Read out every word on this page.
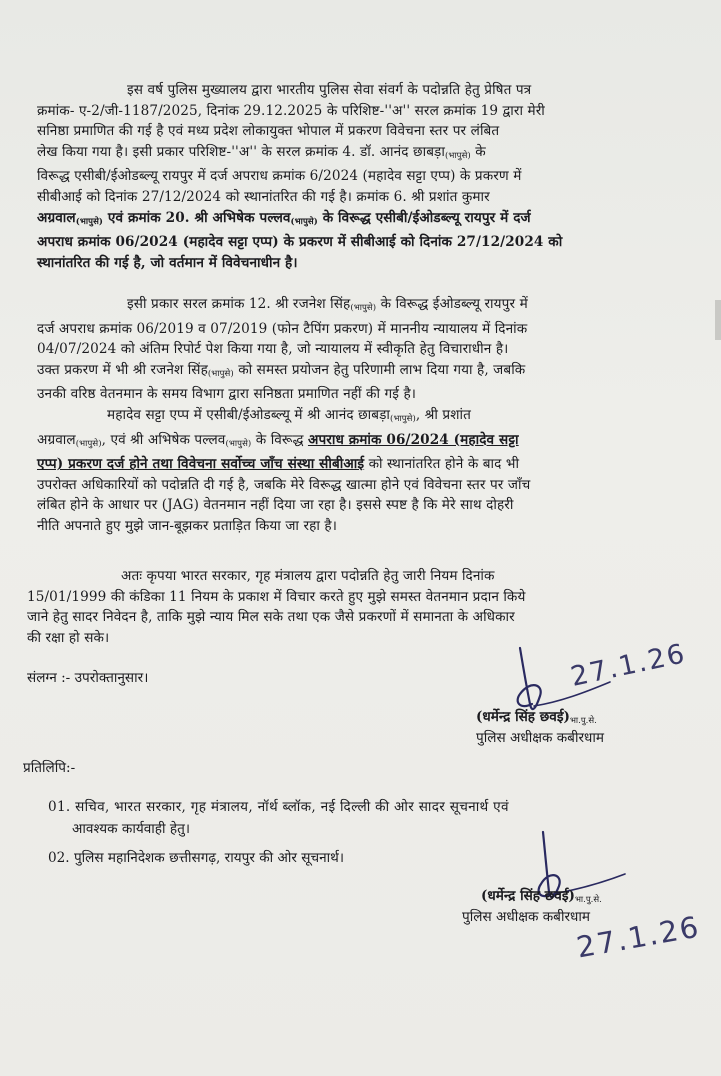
इस वर्ष पुलिस मुख्यालय द्वारा भारतीय पुलिस सेवा संवर्ग के पदोन्नति हेतु प्रेषित पत्र
क्रमांक- ए-2/जी-1187/2025, दिनांक 29.12.2025 के परिशिष्ट-''अ'' सरल क्रमांक 19 द्वारा मेरी
सनिष्ठा प्रमाणित की गई है एवं मध्य प्रदेश लोकायुक्त भोपाल में प्रकरण विवेचना स्तर पर लंबित
लेख किया गया है। इसी प्रकार परिशिष्ट-''अ'' के सरल क्रमांक 4. डॉ. आनंद $छाबड़ा_{(भापुसे)}$ के
विरूद्ध एसीबी/ईओडब्ल्यू रायपुर में दर्ज अपराध क्रमांक 6/2024 (महादेव सट्टा एप्प) के प्रकरण में
सीबीआई को दिनांक 27/12/2024 को स्थानांतरित की गई है। क्रमांक 6. श्री प्रशांत कुमार
अग्रवाल$_{(भापुसे)}$ एवं क्रमांक 20. श्री अभिषेक पल्लव$_{(भापुसे)}$ के विरूद्ध एसीबी/ईओडब्ल्यू रायपुर में दर्ज
अपराध क्रमांक 06/2024 (महादेव सट्टा एप्प) के प्रकरण में सीबीआई को दिनांक 27/12/2024 को
स्थानांतरित की गई है, जो वर्तमान में विवेचनाधीन है।
इसी प्रकार सरल क्रमांक 12. श्री रजनेश सिंह$_{(भापुसे)}$ के विरूद्ध ईओडब्ल्यू रायपुर में
दर्ज अपराध क्रमांक 06/2019 व 07/2019 (फोन टैपिंग प्रकरण) में माननीय न्यायालय में दिनांक
04/07/2024 को अंतिम रिपोर्ट पेश किया गया है, जो न्यायालय में स्वीकृति हेतु विचाराधीन है।
उक्त प्रकरण में भी श्री रजनेश सिंह$_{(भापुसे)}$ को समस्त प्रयोजन हेतु परिणामी लाभ दिया गया है, जबकि
उनकी वरिष्ठ वेतनमान के समय विभाग द्वारा सनिष्ठता प्रमाणित नहीं की गई है।
महादेव सट्टा एप्प में एसीबी/ईओडब्ल्यू में श्री आनंद $छाबड़ा_{(भापुसे)}$, श्री प्रशांत
अग्रवाल$_{(भापुसे)}$, एवं श्री अभिषेक पल्लव$_{(भापुसे)}$ के विरूद्ध अपराध क्रमांक 06/2024 (महादेव सट्टा
एप्प) प्रकरण दर्ज होने तथा विवेचना सर्वोच्च जाँच संस्था सीबीआई को स्थानांतरित होने के बाद भी
उपरोक्त अधिकारियों को पदोन्नति दी गई है, जबकि मेरे विरूद्ध खात्मा होने एवं विवेचना स्तर पर जाँच
लंबित होने के आधार पर (JAG) वेतनमान नहीं दिया जा रहा है। इससे स्पष्ट है कि मेरे साथ दोहरी
नीति अपनाते हुए मुझे जान-बूझकर प्रताड़ित किया जा रहा है।
अतः कृपया भारत सरकार, गृह मंत्रालय द्वारा पदोन्नति हेतु जारी नियम दिनांक
15/01/1999 की कंडिका 11 नियम के प्रकाश में विचार करते हुए मुझे समस्त वेतनमान प्रदान किये
जाने हेतु सादर निवेदन है, ताकि मुझे न्याय मिल सके तथा एक जैसे प्रकरणों में समानता के अधिकार
की रक्षा हो सके।
संलग्न :- उपरोक्तानुसार।	27.1.26
(धर्मेन्द्र सिंह $छवई)_{भा.पु.से.}$
पुलिस अधीक्षक कबीरधाम
प्रतिलिपि:-
01. सचिव, भारत सरकार, गृह मंत्रालय, नॉर्थ ब्लॉक, नई दिल्ली की ओर सादर सूचनार्थ एवं
आवश्यक कार्यवाही हेतु।
02. पुलिस महानिदेशक छत्तीसगढ़, रायपुर की ओर सूचनार्थ।
(धर्मेन्द्र सिंह $छवई)_{भा.पु.से.}$
पुलिस अधीक्षक कबीरधाम
27.1.26
